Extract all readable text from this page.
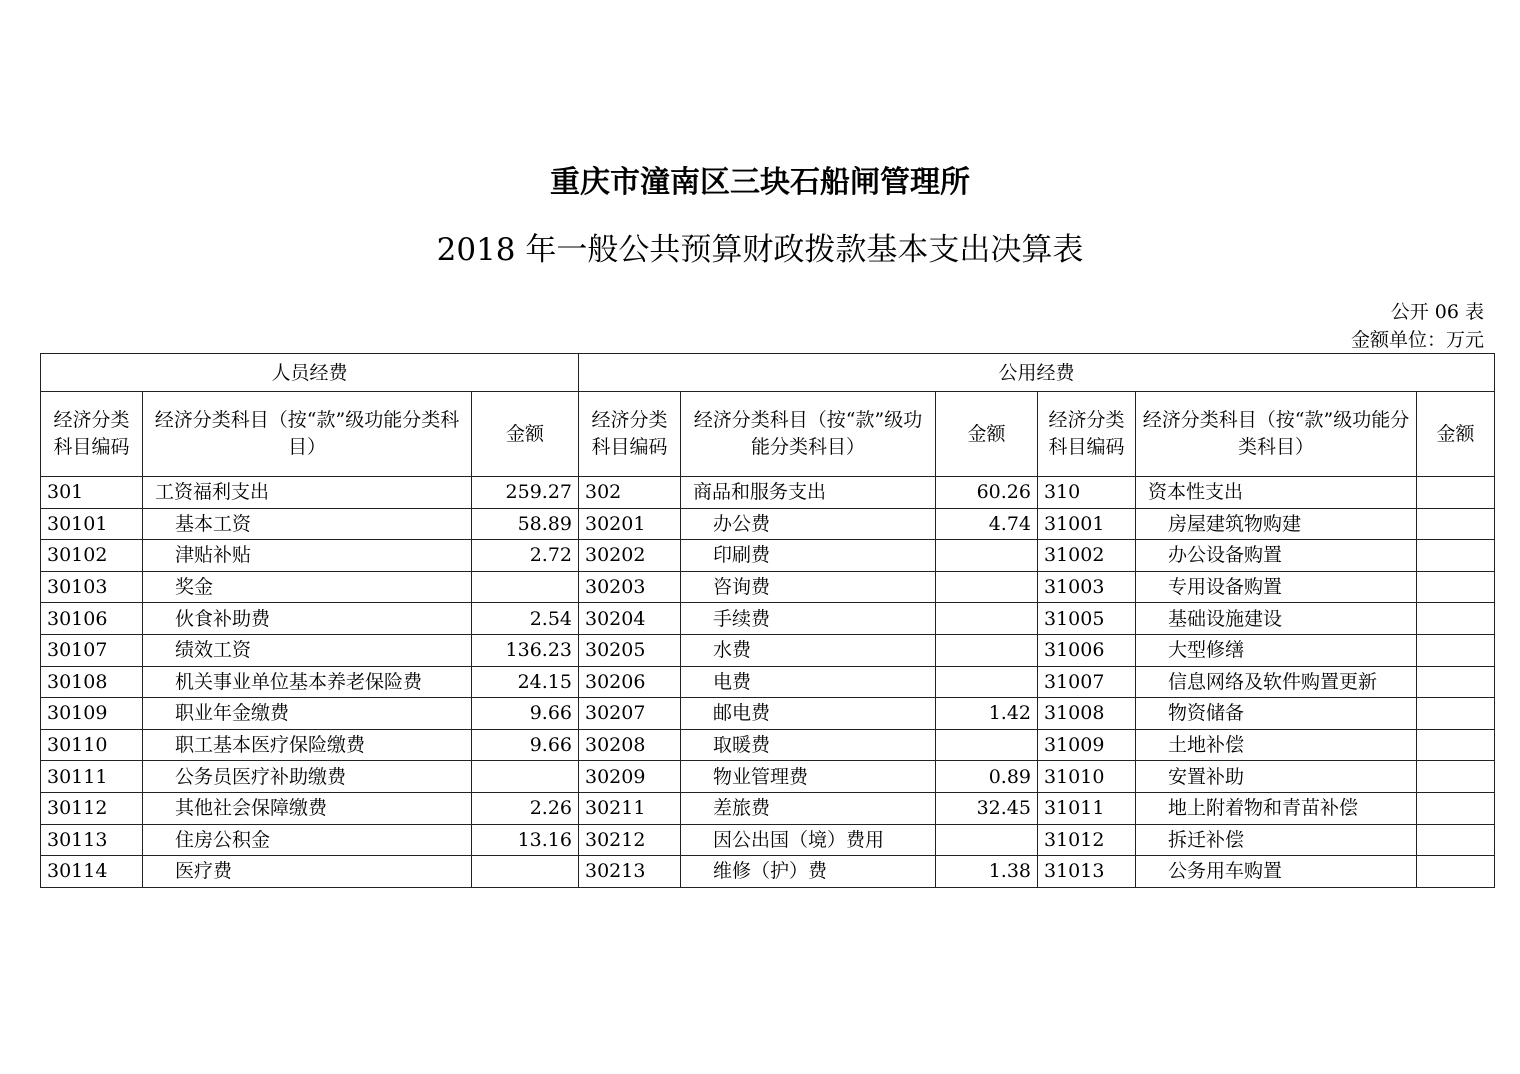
重庆市潼南区三块石船闸管理所
2018 年一般公共预算财政拨款基本支出决算表
公开 06 表
金额单位：万元
人员经费			公用经费					
经济分类科目编码	经济分类科目（按“款”级功能分类科目）	金额	经济分类科目编码	经济分类科目（按“款”级功能分类科目）	金额	经济分类科目编码	经济分类科目（按“款”级功能分类科目）	金额
301	工资福利支出	259.27	302	商品和服务支出	60.26	310	资本性支出	
30101	基本工资	58.89	30201	办公费	4.74	31001	房屋建筑物购建	
30102	津贴补贴	2.72	30202	印刷费		31002	办公设备购置	
30103	奖金		30203	咨询费		31003	专用设备购置	
30106	伙食补助费	2.54	30204	手续费		31005	基础设施建设	
30107	绩效工资	136.23	30205	水费		31006	大型修缮	
30108	机关事业单位基本养老保险费	24.15	30206	电费		31007	信息网络及软件购置更新	
30109	职业年金缴费	9.66	30207	邮电费	1.42	31008	物资储备	
30110	职工基本医疗保险缴费	9.66	30208	取暖费		31009	土地补偿	
30111	公务员医疗补助缴费		30209	物业管理费	0.89	31010	安置补助	
30112	其他社会保障缴费	2.26	30211	差旅费	32.45	31011	地上附着物和青苗补偿	
30113	住房公积金	13.16	30212	因公出国（境）费用		31012	拆迁补偿	
30114	医疗费		30213	维修（护）费	1.38	31013	公务用车购置	
